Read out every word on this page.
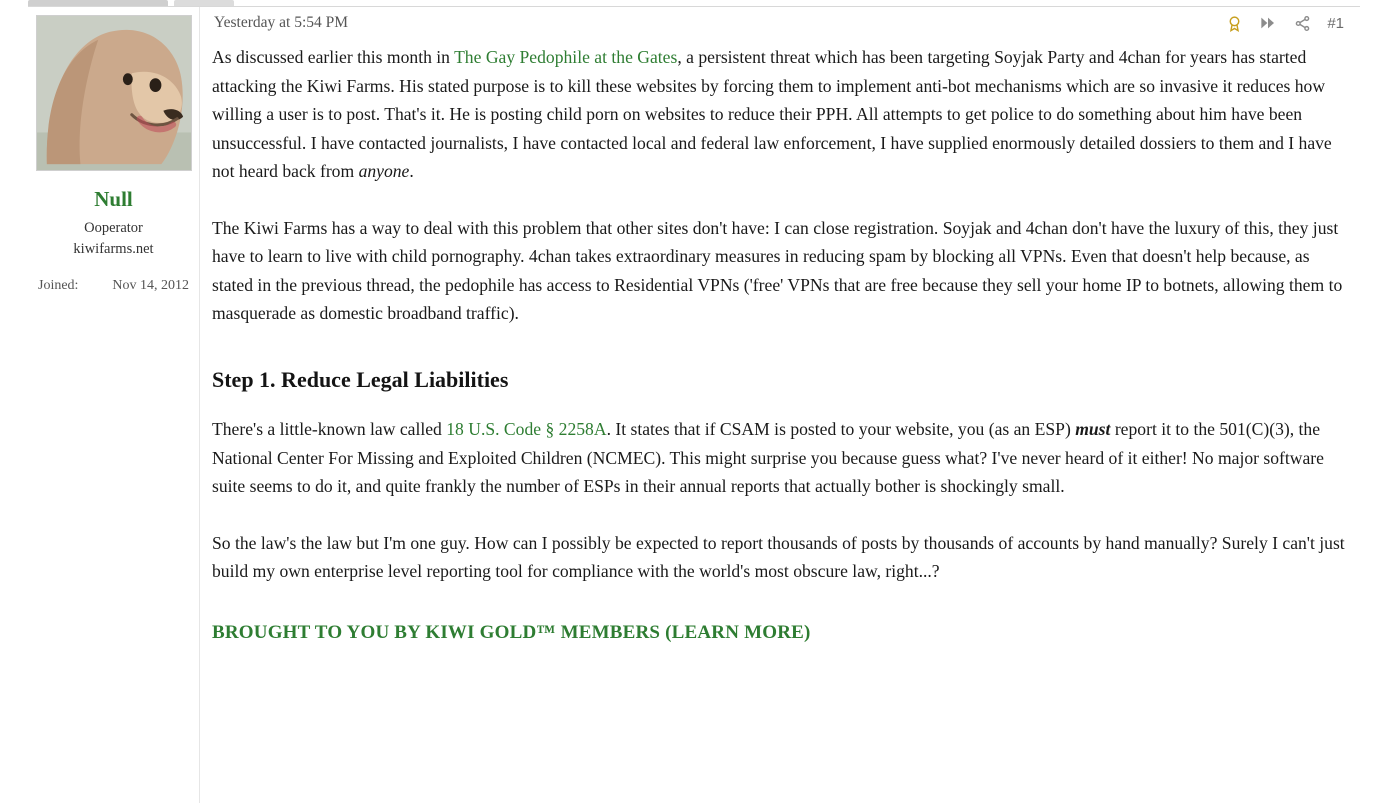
Null
Ooperator
kiwifarms.net
Joined: Nov 14, 2012
Yesterday at 5:54 PM	#1

As discussed earlier this month in The Gay Pedophile at the Gates, a persistent threat which has been targeting Soyjak Party and 4chan for years has started attacking the Kiwi Farms. His stated purpose is to kill these websites by forcing them to implement anti-bot mechanisms which are so invasive it reduces how willing a user is to post. That's it. He is posting child porn on websites to reduce their PPH. All attempts to get police to do something about him have been unsuccessful. I have contacted journalists, I have contacted local and federal law enforcement, I have supplied enormously detailed dossiers to them and I have not heard back from anyone.

The Kiwi Farms has a way to deal with this problem that other sites don't have: I can close registration. Soyjak and 4chan don't have the luxury of this, they just have to learn to live with child pornography. 4chan takes extraordinary measures in reducing spam by blocking all VPNs. Even that doesn't help because, as stated in the previous thread, the pedophile has access to Residential VPNs ('free' VPNs that are free because they sell your home IP to botnets, allowing them to masquerade as domestic broadband traffic).

Step 1. Reduce Legal Liabilities

There's a little-known law called 18 U.S. Code § 2258A. It states that if CSAM is posted to your website, you (as an ESP) must report it to the 501(C)(3), the National Center For Missing and Exploited Children (NCMEC). This might surprise you because guess what? I've never heard of it either! No major software suite seems to do it, and quite frankly the number of ESPs in their annual reports that actually bother is shockingly small.

So the law's the law but I'm one guy. How can I possibly be expected to report thousands of posts by thousands of accounts by hand manually? Surely I can't just build my own enterprise level reporting tool for compliance with the world's most obscure law, right...?

BROUGHT TO YOU BY KIWI GOLD™ MEMBERS (LEARN MORE)
